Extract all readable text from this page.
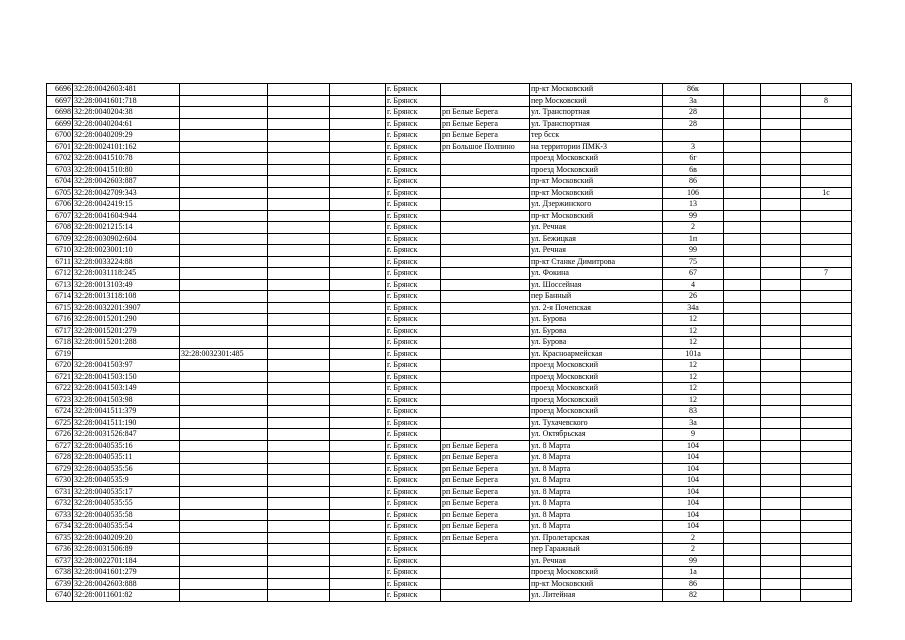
6696	32:28:0042603:481				г. Брянск		пр-кт Московский	86к			
6697	32:28:0041601:718				г. Брянск		пер Московский	3а			8
6698	32:28:0040204:38				г. Брянск	рп Белые Берега	ул. Транспортная	28			
6699	32:28:0040204:61				г. Брянск	рп Белые Берега	ул. Транспортная	28			
6700	32:28:0040209:29				г. Брянск	рп Белые Берега	тер бсск				
6701	32:28:0024101:162				г. Брянск	рп Большое Полпино	на территории ПМК-3	3			
6702	32:28:0041510:78				г. Брянск		проезд Московский	6г			
6703	32:28:0041510:80				г. Брянск		проезд Московский	6в			
6704	32:28:0042603:887				г. Брянск		пр-кт Московский	86			
6705	32:28:0042709:343				г. Брянск		пр-кт Московский	106			1с
6706	32:28:0042419:15				г. Брянск		ул. Дзержинского	13			
6707	32:28:0041604:944				г. Брянск		пр-кт Московский	99			
6708	32:28:0021215:14				г. Брянск		ул. Речная	2			
6709	32:28:0030902:604				г. Брянск		ул. Бежицкая	1п			
6710	32:28:0023001:10				г. Брянск		ул. Речная	99			
6711	32:28:0033224:88				г. Брянск		пр-кт Станке Димитрова	75			
6712	32:28:0031118:245				г. Брянск		ул. Фокина	67			7
6713	32:28:0013103:49				г. Брянск		ул. Шоссейная	4			
6714	32:28:0013118:108				г. Брянск		пер Банный	26			
6715	32:28:0032201:3907				г. Брянск		ул. 2-я Почепская	34а			
6716	32:28:0015201:290				г. Брянск		ул. Бурова	12			
6717	32:28:0015201:279				г. Брянск		ул. Бурова	12			
6718	32:28:0015201:288				г. Брянск		ул. Бурова	12			
6719		32:28:0032301:485			г. Брянск		ул. Красноармейская	101а			
6720	32:28:0041503:97				г. Брянск		проезд Московский	12			
6721	32:28:0041503:150				г. Брянск		проезд Московский	12			
6722	32:28:0041503:149				г. Брянск		проезд Московский	12			
6723	32:28:0041503:98				г. Брянск		проезд Московский	12			
6724	32:28:0041511:379				г. Брянск		проезд Московский	83			
6725	32:28:0041511:190				г. Брянск		ул. Тухачевского	3а			
6726	32:28:0031526:847				г. Брянск		ул. Октябрьская	9			
6727	32:28:0040535:16				г. Брянск	рп Белые Берега	ул. 8 Марта	104			
6728	32:28:0040535:11				г. Брянск	рп Белые Берега	ул. 8 Марта	104			
6729	32:28:0040535:56				г. Брянск	рп Белые Берега	ул. 8 Марта	104			
6730	32:28:0040535:9				г. Брянск	рп Белые Берега	ул. 8 Марта	104			
6731	32:28:0040535:17				г. Брянск	рп Белые Берега	ул. 8 Марта	104			
6732	32:28:0040535:55				г. Брянск	рп Белые Берега	ул. 8 Марта	104			
6733	32:28:0040535:58				г. Брянск	рп Белые Берега	ул. 8 Марта	104			
6734	32:28:0040535:54				г. Брянск	рп Белые Берега	ул. 8 Марта	104			
6735	32:28:0040209:20				г. Брянск	рп Белые Берега	ул. Пролетарская	2			
6736	32:28:0031506:89				г. Брянск		пер Гаражный	2			
6737	32:28:0022701:184				г. Брянск		ул. Речная	99			
6738	32:28:0041601:279				г. Брянск		проезд Московский	1а			
6739	32:28:0042603:888				г. Брянск		пр-кт Московский	86			
6740	32:28:0011601:82				г. Брянск		ул. Литейная	82			
